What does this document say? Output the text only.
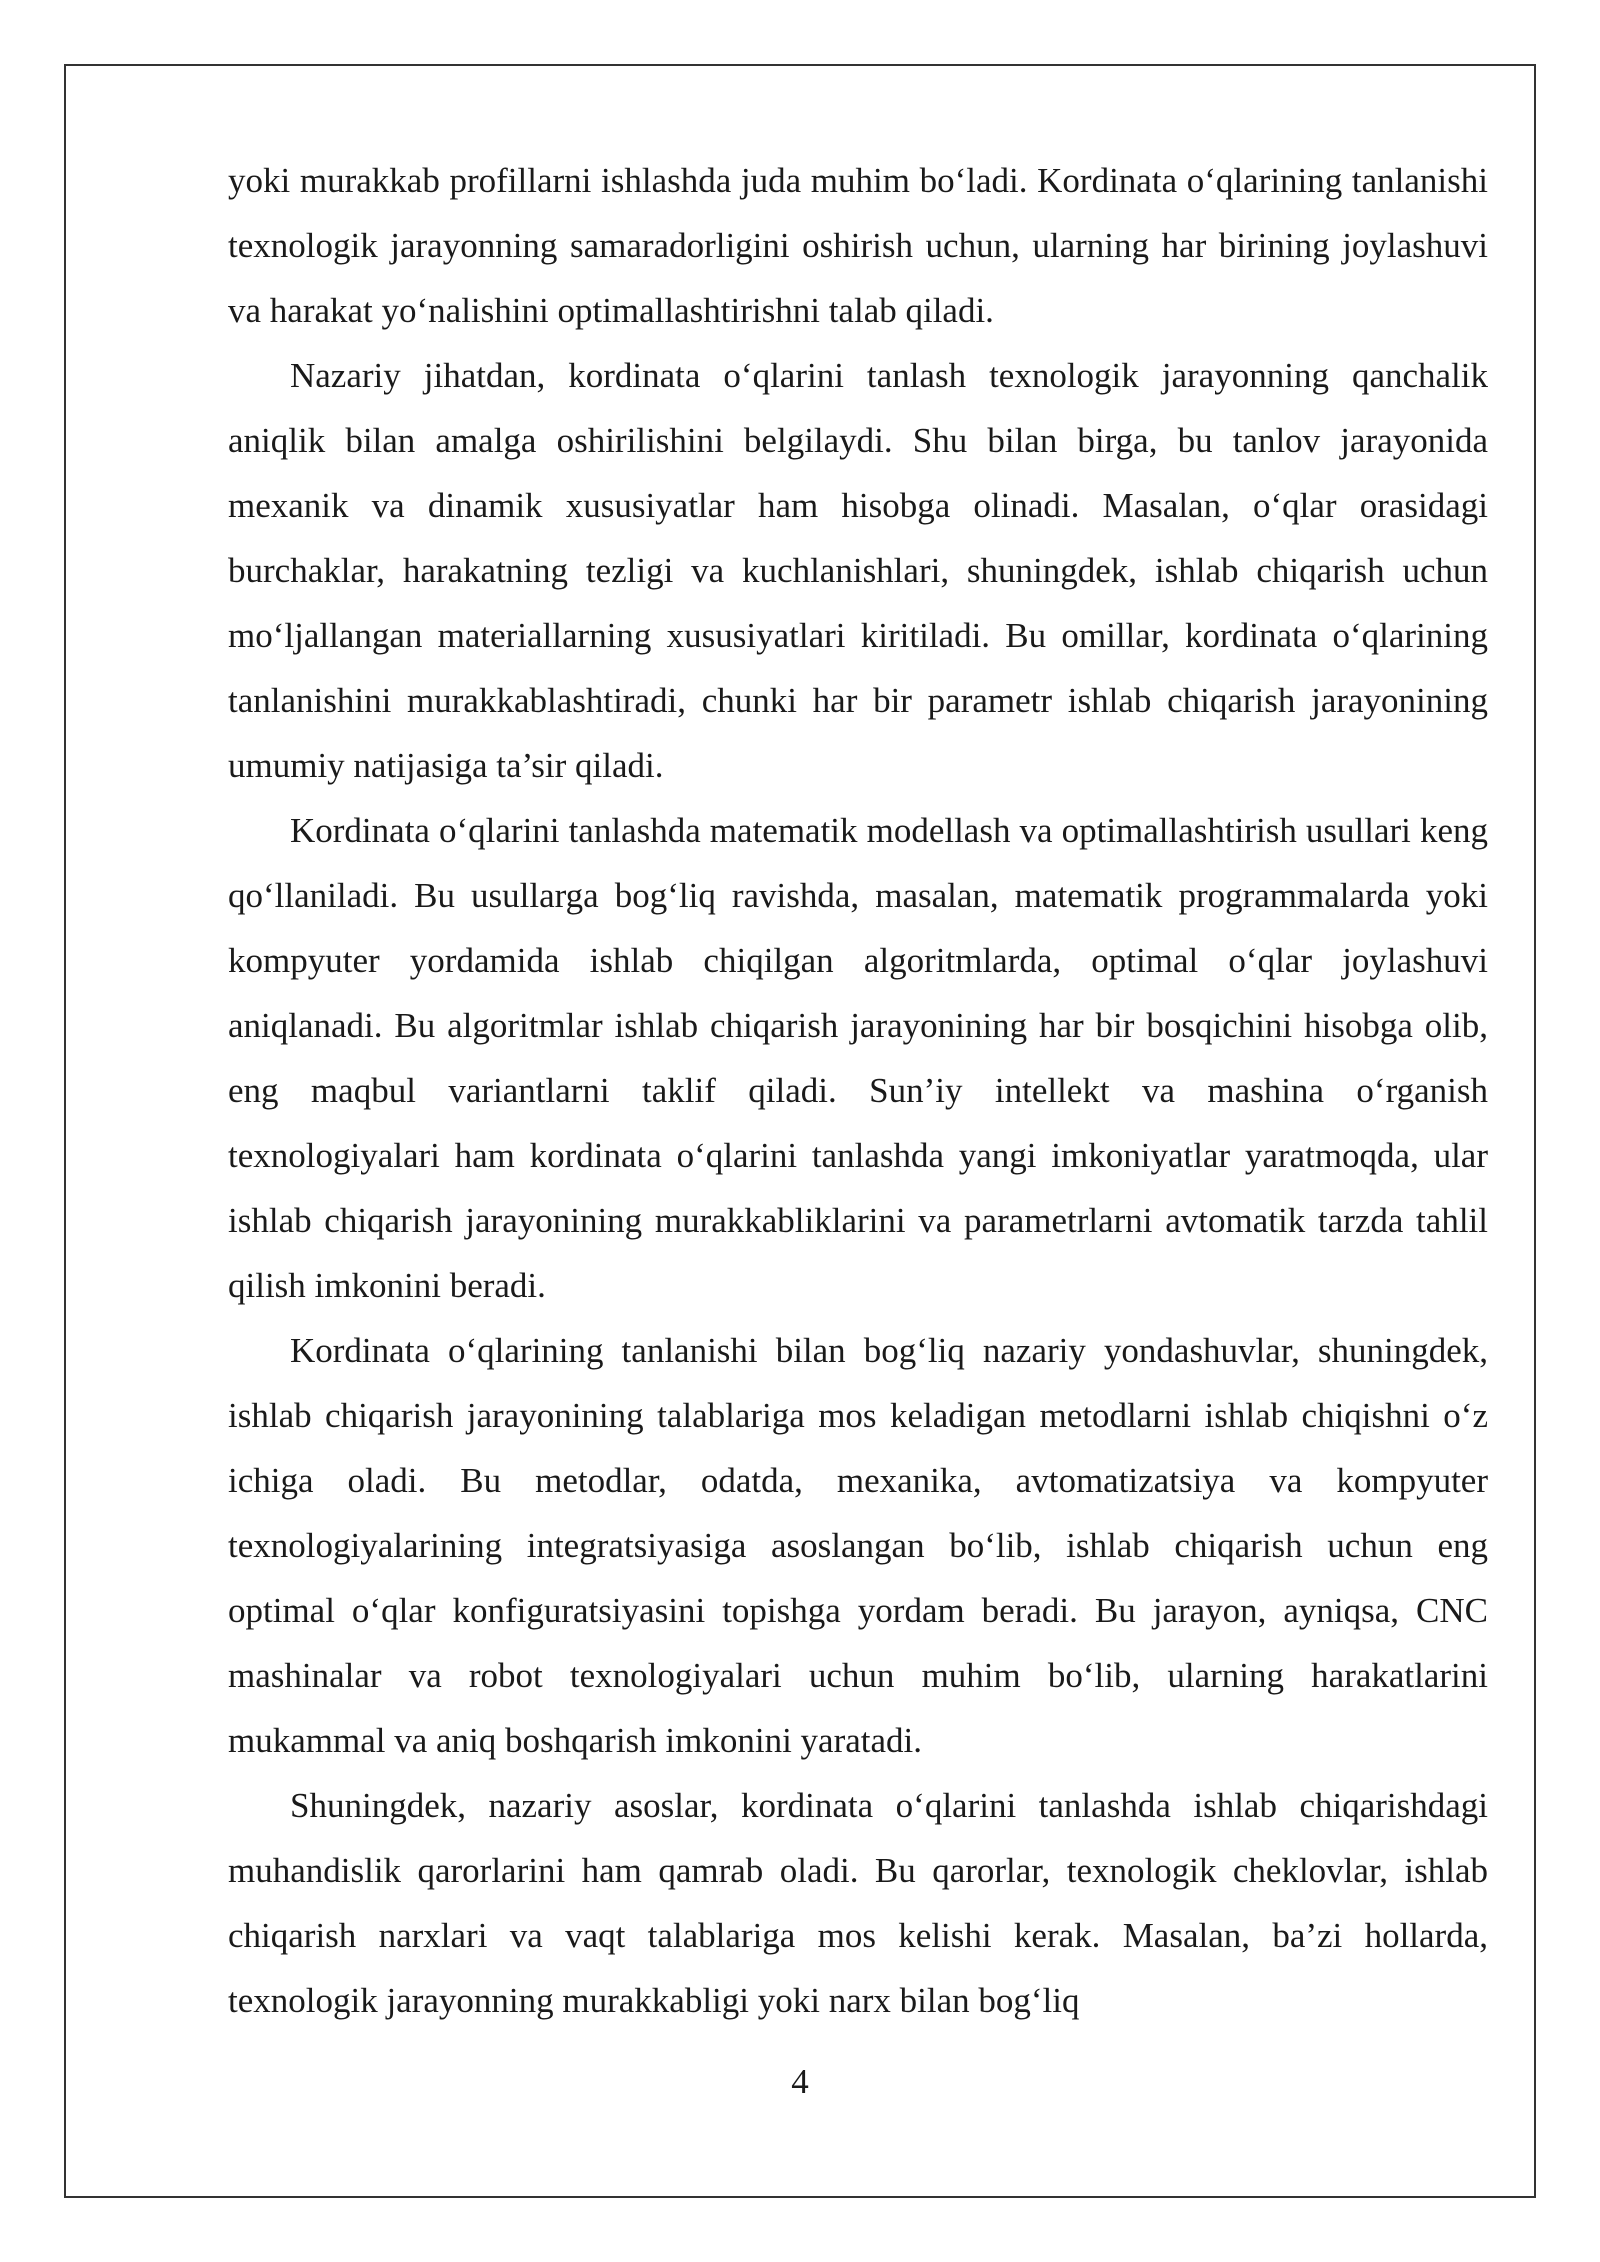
yoki murakkab profillarni ishlashda juda muhim bo‘ladi. Kordinata o‘qlarining tanlanishi texnologik jarayonning samaradorligini oshirish uchun, ularning har birining joylashuvi va harakat yo‘nalishini optimallashtirishni talab qiladi.

Nazariy jihatdan, kordinata o‘qlarini tanlash texnologik jarayonning qanchalik aniqlik bilan amalga oshirilishini belgilaydi. Shu bilan birga, bu tanlov jarayonida mexanik va dinamik xususiyatlar ham hisobga olinadi. Masalan, o‘qlar orasidagi burchaklar, harakatning tezligi va kuchlanishlari, shuningdek, ishlab chiqarish uchun mo‘ljallangan materiallarning xususiyatlari kiritiladi. Bu omillar, kordinata o‘qlarining tanlanishini murakkablashtiradi, chunki har bir parametr ishlab chiqarish jarayonining umumiy natijasiga ta’sir qiladi.

Kordinata o‘qlarini tanlashda matematik modellash va optimallashtirish usullari keng qo‘llaniladi. Bu usullarga bog‘liq ravishda, masalan, matematik programmalarda yoki kompyuter yordamida ishlab chiqilgan algoritmlarda, optimal o‘qlar joylashuvi aniqlanadi. Bu algoritmlar ishlab chiqarish jarayonining har bir bosqichini hisobga olib, eng maqbul variantlarni taklif qiladi. Sun’iy intellekt va mashina o‘rganish texnologiyalari ham kordinata o‘qlarini tanlashda yangi imkoniyatlar yaratmoqda, ular ishlab chiqarish jarayonining murakkabliklarini va parametrlarni avtomatik tarzda tahlil qilish imkonini beradi.

Kordinata o‘qlarining tanlanishi bilan bog‘liq nazariy yondashuvlar, shuningdek, ishlab chiqarish jarayonining talablariga mos keladigan metodlarni ishlab chiqishni o‘z ichiga oladi. Bu metodlar, odatda, mexanika, avtomatizatsiya va kompyuter texnologiyalarining integratsiyasiga asoslangan bo‘lib, ishlab chiqarish uchun eng optimal o‘qlar konfiguratsiyasini topishga yordam beradi. Bu jarayon, ayniqsa, CNC mashinalar va robot texnologiyalari uchun muhim bo‘lib, ularning harakatlarini mukammal va aniq boshqarish imkonini yaratadi.

Shuningdek, nazariy asoslar, kordinata o‘qlarini tanlashda ishlab chiqarishdagi muhandislik qarorlarini ham qamrab oladi. Bu qarorlar, texnologik cheklovlar, ishlab chiqarish narxlari va vaqt talablariga mos kelishi kerak. Masalan, ba’zi hollarda, texnologik jarayonning murakkabligi yoki narx bilan bog‘liq

4
